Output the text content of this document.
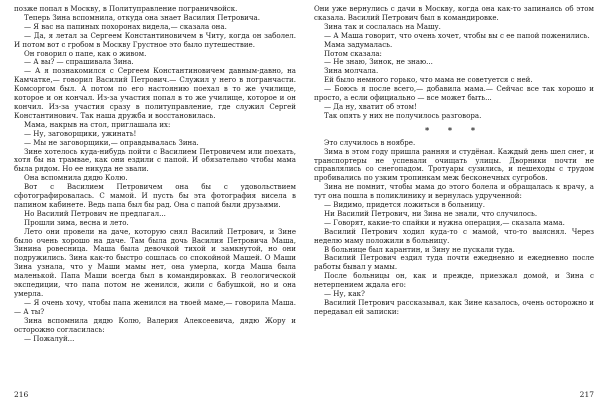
позже попал в Москву, в Политуправление пограничвойск.

Теперь Зина вспомнила, откуда она знает Василия Петровича.

— Я вас на папиных похоронах видела,— сказала она.

— Да, я летал за Сергеем Константиновичем в Читу, когда он заболел. И потом вот с гробом в Москву Грустное это было путешествие.

Он говорил о папе, как о живом.

— А вы? — спрашивала Зина.

— А я познакомился с Сергеем Константиновичем давным-давно, на Камчатке,— говорил Василий Петрович.— Служил у него в погранчасти. Комсоргом был. А потом по его настоянию поехал в то же училище, которое и он кончал. Из-за участия попал в то же училище, которое и он кончил. Из-за участия сразу в политуправление, где служил Сергей Константинович. Так наша дружба и восстановилась.

Мама, накрыв на стол, приглашала их:

— Ну, заговорщики, ужинать!

— Мы не заговорщики,— оправдывалась Зина.

Зине хотелось куда-нибудь пойти с Василием Петровичем или поехать, хотя бы на трамвае, как они ездили с папой. И обязательно чтобы мама была рядом. Но ее никуда не звали.

Она вспомнила дядю Колю.

Вот с Василием Петровичем она бы с удовольствием сфотографировалась. С мамой. И пусть бы эта фотография висела в папином кабинете. Ведь папа был бы рад. Она с папой были друзьями.

Но Василий Петрович не предлагал...

Прошли зима, весна и лето.

Лето они провели на даче, которую снял Василий Петрович, и Зине было очень хорошо на даче. Там была дочь Василия Петровича Маша, Зинина ровесница. Маша была девочкой тихой и замкнутой, но они подружились. Зина как-то быстро сошлась со спокойной Машей. О Маши Зина узнала, что у Маши мамы нет, она умерла, когда Маша была маленькой. Папа Маши всегда был в командировках. В геологической экспедиции, что папа потом не женился, жили с бабушкой, но и она умерла.

— Я очень хочу, чтобы папа женился на твоей маме,— говорила Маша.— А ты?

Зина вспомнила дядю Колю, Валерия Алексеевича, дядю Жору и осторожно согласилась:

— Пожалуй...

216

Они уже вернулись с дачи в Москву, когда она как-то запинаясь об этом сказала. Василий Петрович был в командировке.

Зина так и сослалась на Машу.

— А Маша говорит, что очень хочет, чтобы вы с ее папой поженились.

Мама задумалась.

Потом сказала:

— Не знаю, Зинок, не знаю...

Зина молчала.

Ей было немного горько, что мама не советуется с ней.

— Боюсь я после всего,— добавила мама.— Сейчас все так хорошо и просто, а если официально — все может быть...

— Да ну, хватит об этом!

Так опять у них не получилось разговора.

* * *

Это случилось в ноябре.

Зима в этом году пришла ранняя и студёная. Каждый день шел снег, и транспортеры не успевали очищать улицы. Дворники почти не справлялись со снегопадом. Тротуары сузились, и пешеходы с трудом пробивались по узким тропинкам меж бесконечных сугробов.

Зина не помнит, чтобы мама до этого болела и обращалась к врачу, а тут она пошла в поликлинику и вернулась удрученной:

— Видимо, придется ложиться в больницу.

Ни Василий Петрович, ни Зина не знали, что случилось.

— Говорят, какие-то спайки и нужна операция,— сказала мама.

Василий Петрович ходил куда-то с мамой, что-то выяснял. Через неделю маму положили в больницу.

В больнице был карантин, и Зину не пускали туда.

Василий Петрович ездил туда почти ежедневно и ежедневно после работы бывал у мамы.

После больницы он, как и прежде, приезжал домой, и Зина с нетерпением ждала его:

— Ну, как?

Василий Петрович рассказывал, как Зине казалось, очень осторожно и передавал ей записки:

217
